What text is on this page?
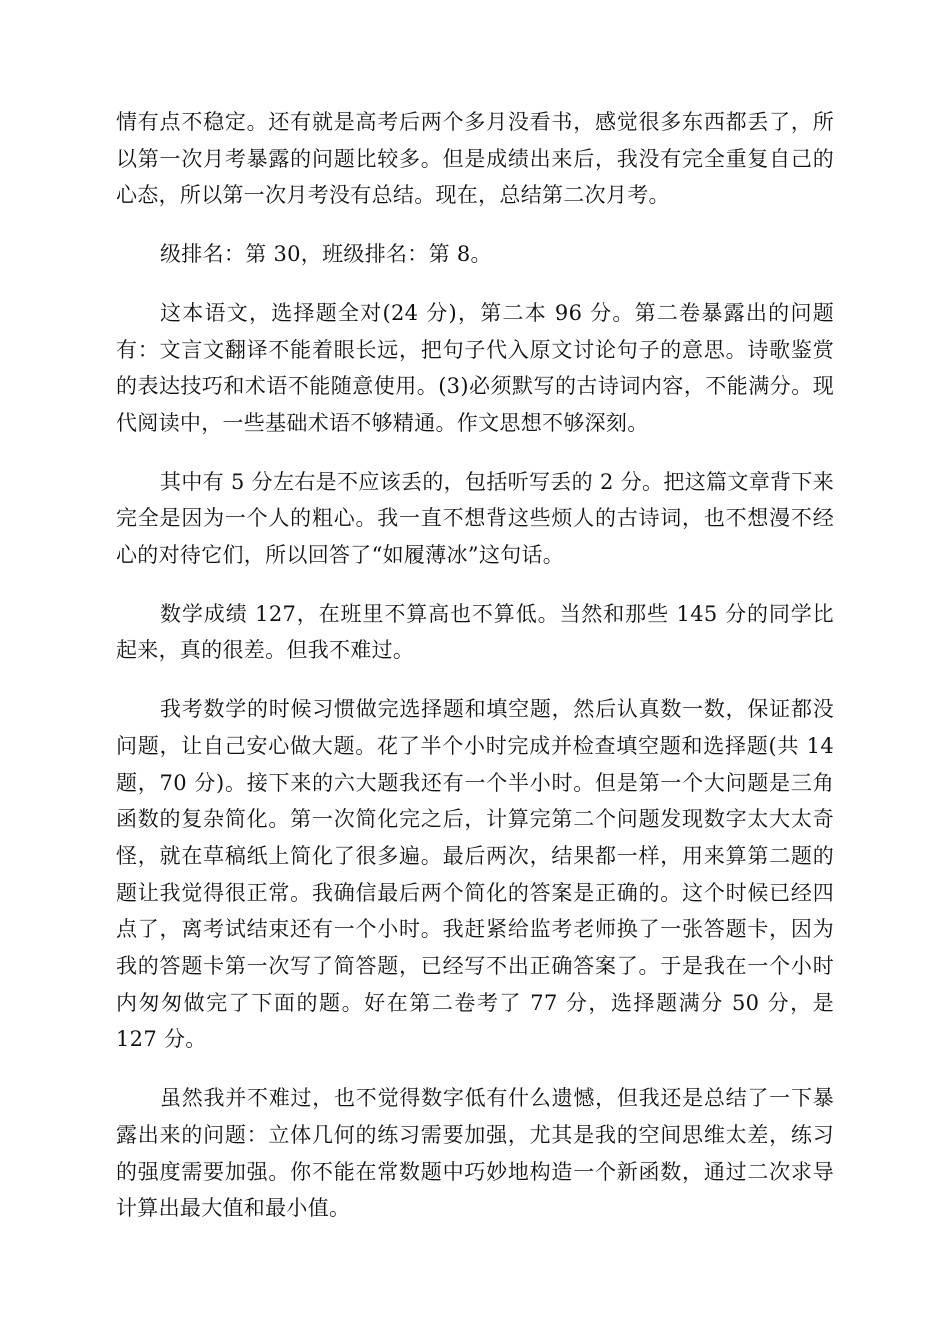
情有点不稳定。还有就是高考后两个多月没看书，感觉很多东西都丢了，所以第一次月考暴露的问题比较多。但是成绩出来后，我没有完全重复自己的心态，所以第一次月考没有总结。现在，总结第二次月考。

级排名：第 30，班级排名：第 8。

这本语文，选择题全对(24 分)，第二本 96 分。第二卷暴露出的问题有：文言文翻译不能着眼长远，把句子代入原文讨论句子的意思。诗歌鉴赏的表达技巧和术语不能随意使用。(3)必须默写的古诗词内容，不能满分。现代阅读中，一些基础术语不够精通。作文思想不够深刻。

其中有 5 分左右是不应该丢的，包括听写丢的 2 分。把这篇文章背下来完全是因为一个人的粗心。我一直不想背这些烦人的古诗词，也不想漫不经心的对待它们，所以回答了“如履薄冰”这句话。

数学成绩 127，在班里不算高也不算低。当然和那些 145 分的同学比起来，真的很差。但我不难过。

我考数学的时候习惯做完选择题和填空题，然后认真数一数，保证都没问题，让自己安心做大题。花了半个小时完成并检查填空题和选择题(共 14 题，70 分)。接下来的六大题我还有一个半小时。但是第一个大问题是三角函数的复杂简化。第一次简化完之后，计算完第二个问题发现数字太大太奇怪，就在草稿纸上简化了很多遍。最后两次，结果都一样，用来算第二题的题让我觉得很正常。我确信最后两个简化的答案是正确的。这个时候已经四点了，离考试结束还有一个小时。我赶紧给监考老师换了一张答题卡，因为我的答题卡第一次写了简答题，已经写不出正确答案了。于是我在一个小时内匆匆做完了下面的题。好在第二卷考了 77 分，选择题满分 50 分，是 127 分。

虽然我并不难过，也不觉得数字低有什么遗憾，但我还是总结了一下暴露出来的问题：立体几何的练习需要加强，尤其是我的空间思维太差，练习的强度需要加强。你不能在常数题中巧妙地构造一个新函数，通过二次求导计算出最大值和最小值。
